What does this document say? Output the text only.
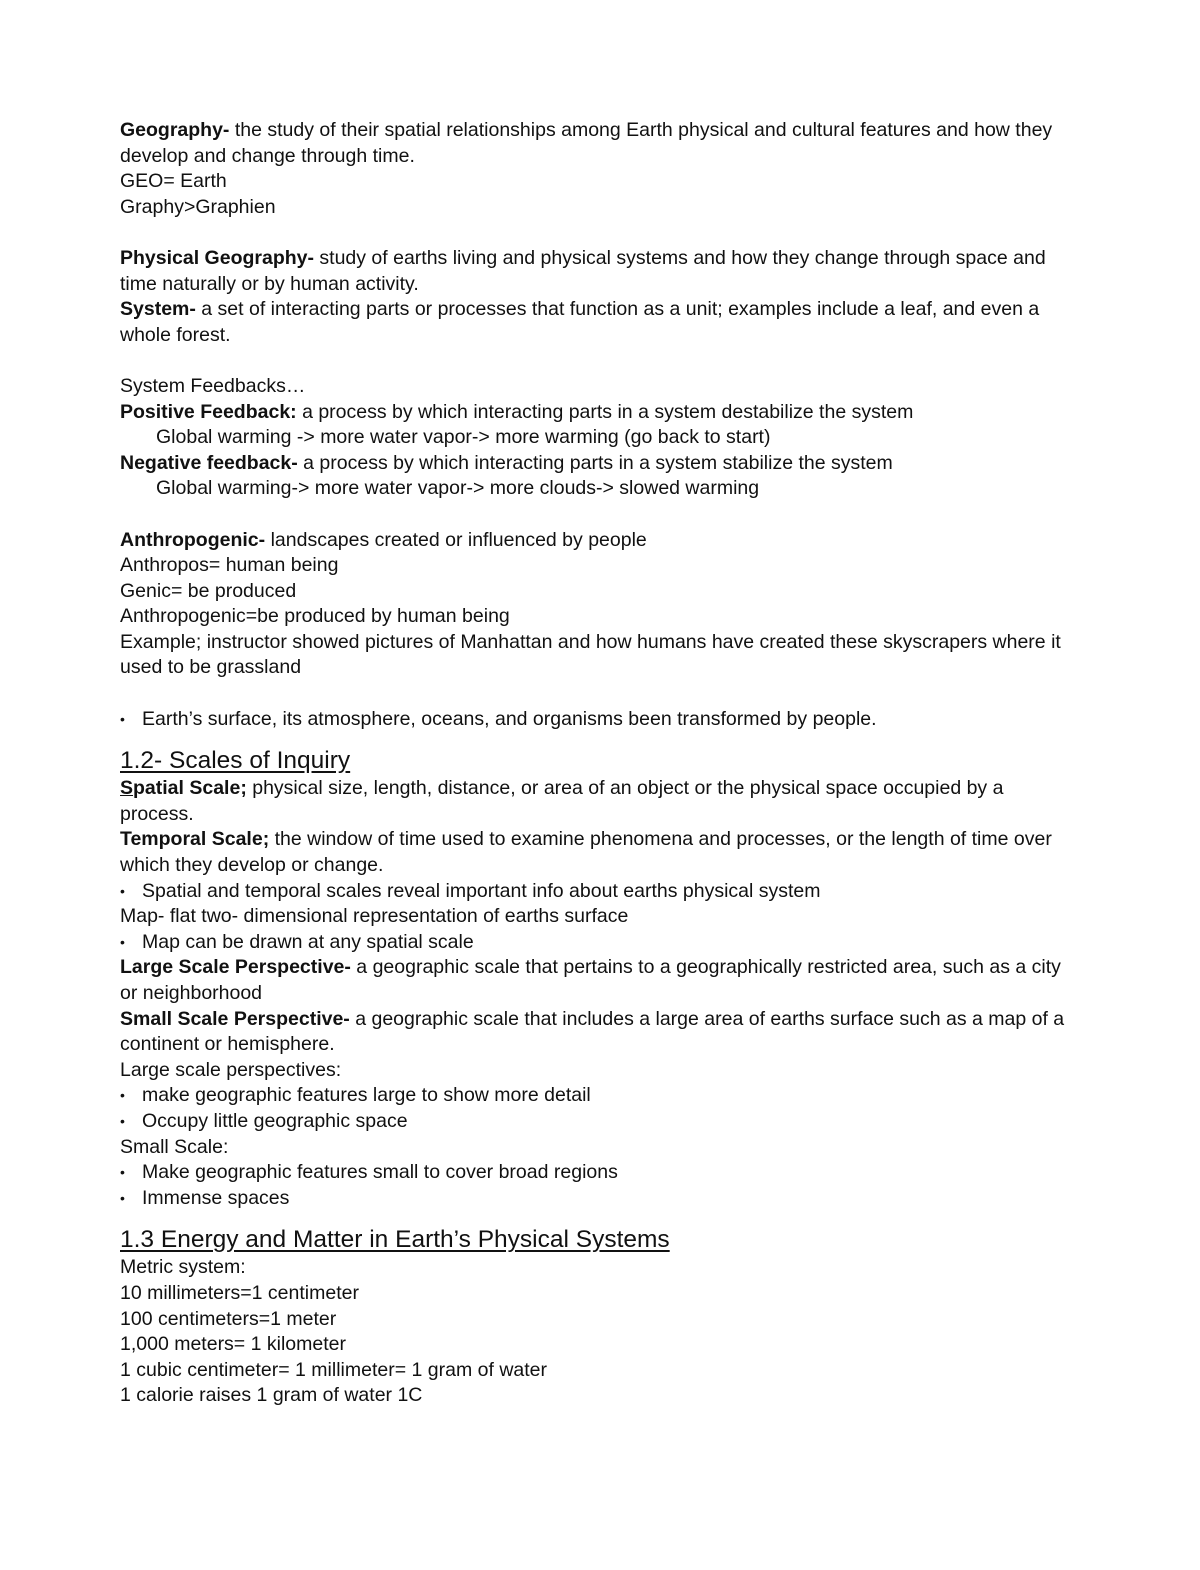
Geography- the study of their spatial relationships among Earth physical and cultural features and how they develop and change through time.
GEO= Earth
Graphy>Graphien
Physical Geography- study of earths living and physical systems and how they change through space and time naturally or by human activity.
System- a set of interacting parts or processes that function as a unit; examples include a leaf, and even a whole forest.
System Feedbacks…
Positive Feedback: a process by which interacting parts in a system destabilize the system
Global warming -> more water vapor-> more warming (go back to start)
Negative feedback- a process by which interacting parts in a system stabilize the system
Global warming-> more water vapor-> more clouds-> slowed warming
Anthropogenic- landscapes created or influenced by people
Anthropos= human being
Genic= be produced
Anthropogenic=be produced by human being
Example; instructor showed pictures of Manhattan and how humans have created these skyscrapers where it used to be grassland
• Earth’s surface, its atmosphere, oceans, and organisms been transformed by people.
1.2- Scales of Inquiry
Spatial Scale; physical size, length, distance, or area of an object or the physical space occupied by a process.
Temporal Scale; the window of time used to examine phenomena and processes, or the length of time over which they develop or change.
• Spatial and temporal scales reveal important info about earths physical system
Map- flat two- dimensional representation of earths surface
• Map can be drawn at any spatial scale
Large Scale Perspective- a geographic scale that pertains to a geographically restricted area, such as a city or neighborhood
Small Scale Perspective- a geographic scale that includes a large area of earths surface such as a map of a continent or hemisphere.
Large scale perspectives:
• make geographic features large to show more detail
• Occupy little geographic space
Small Scale:
• Make geographic features small to cover broad regions
• Immense spaces
1.3 Energy and Matter in Earth’s Physical Systems
Metric system:
10 millimeters=1 centimeter
100 centimeters=1 meter
1,000 meters= 1 kilometer
1 cubic centimeter= 1 millimeter= 1 gram of water
1 calorie raises 1 gram of water 1C
